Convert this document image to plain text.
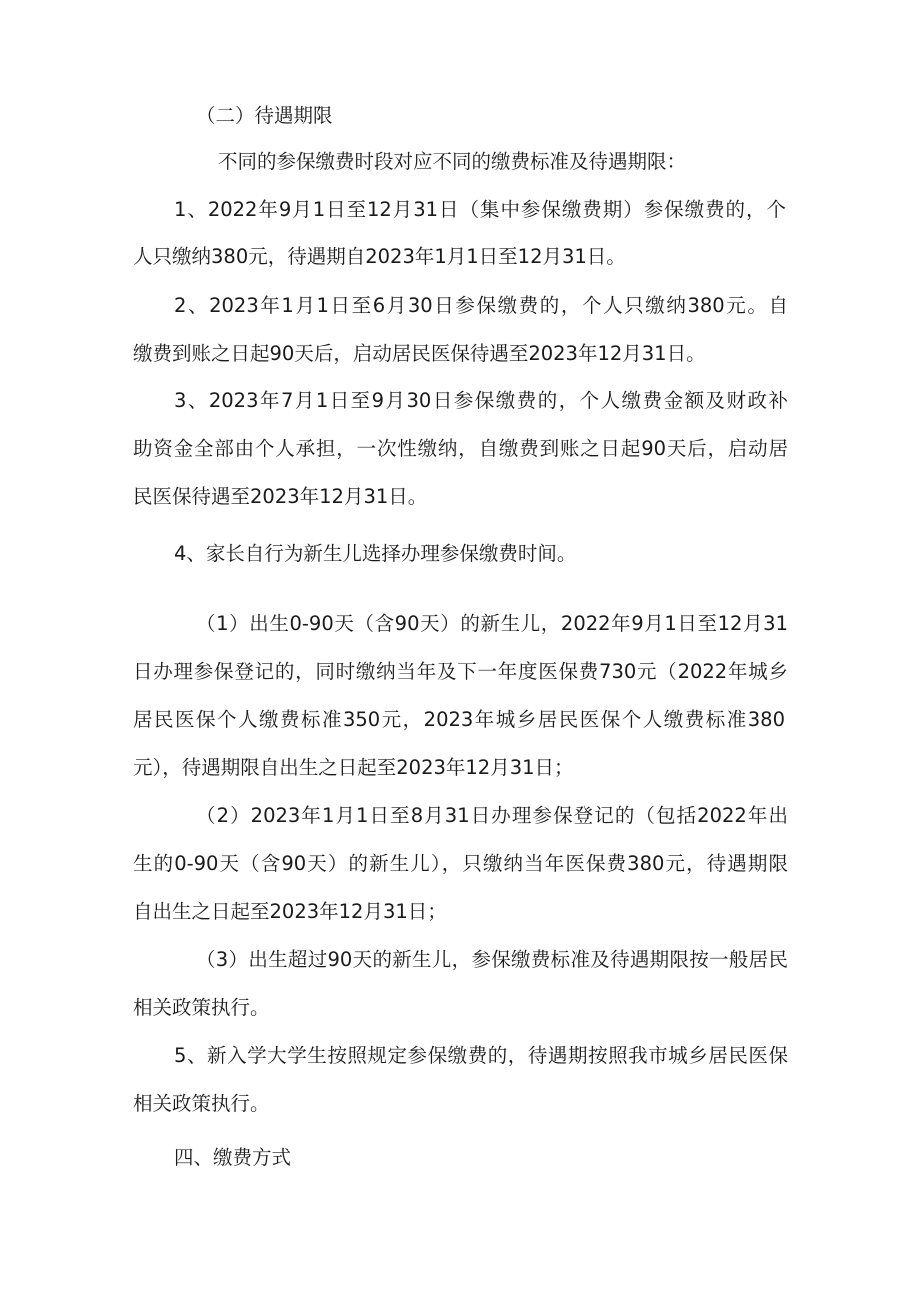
（二）待遇期限
不同的参保缴费时段对应不同的缴费标准及待遇期限：
1、2022年9月1日至12月31日（集中参保缴费期）参保缴费的，个
人只缴纳380元，待遇期自2023年1月1日至12月31日。
2、2023年1月1日至6月30日参保缴费的，个人只缴纳380元。自
缴费到账之日起90天后，启动居民医保待遇至2023年12月31日。
3、2023年7月1日至9月30日参保缴费的，个人缴费金额及财政补
助资金全部由个人承担，一次性缴纳，自缴费到账之日起90天后，启动居
民医保待遇至2023年12月31日。
4、家长自行为新生儿选择办理参保缴费时间。
（1）出生0-90天（含90天）的新生儿，2022年9月1日至12月31
日办理参保登记的，同时缴纳当年及下一年度医保费730元（2022年城乡
居民医保个人缴费标准350元，2023年城乡居民医保个人缴费标准380
元），待遇期限自出生之日起至2023年12月31日；
（2）2023年1月1日至8月31日办理参保登记的（包括2022年出
生的0-90天（含90天）的新生儿），只缴纳当年医保费380元，待遇期限
自出生之日起至2023年12月31日；
（3）出生超过90天的新生儿，参保缴费标准及待遇期限按一般居民
相关政策执行。
5、新入学大学生按照规定参保缴费的，待遇期按照我市城乡居民医保
相关政策执行。
四、缴费方式
